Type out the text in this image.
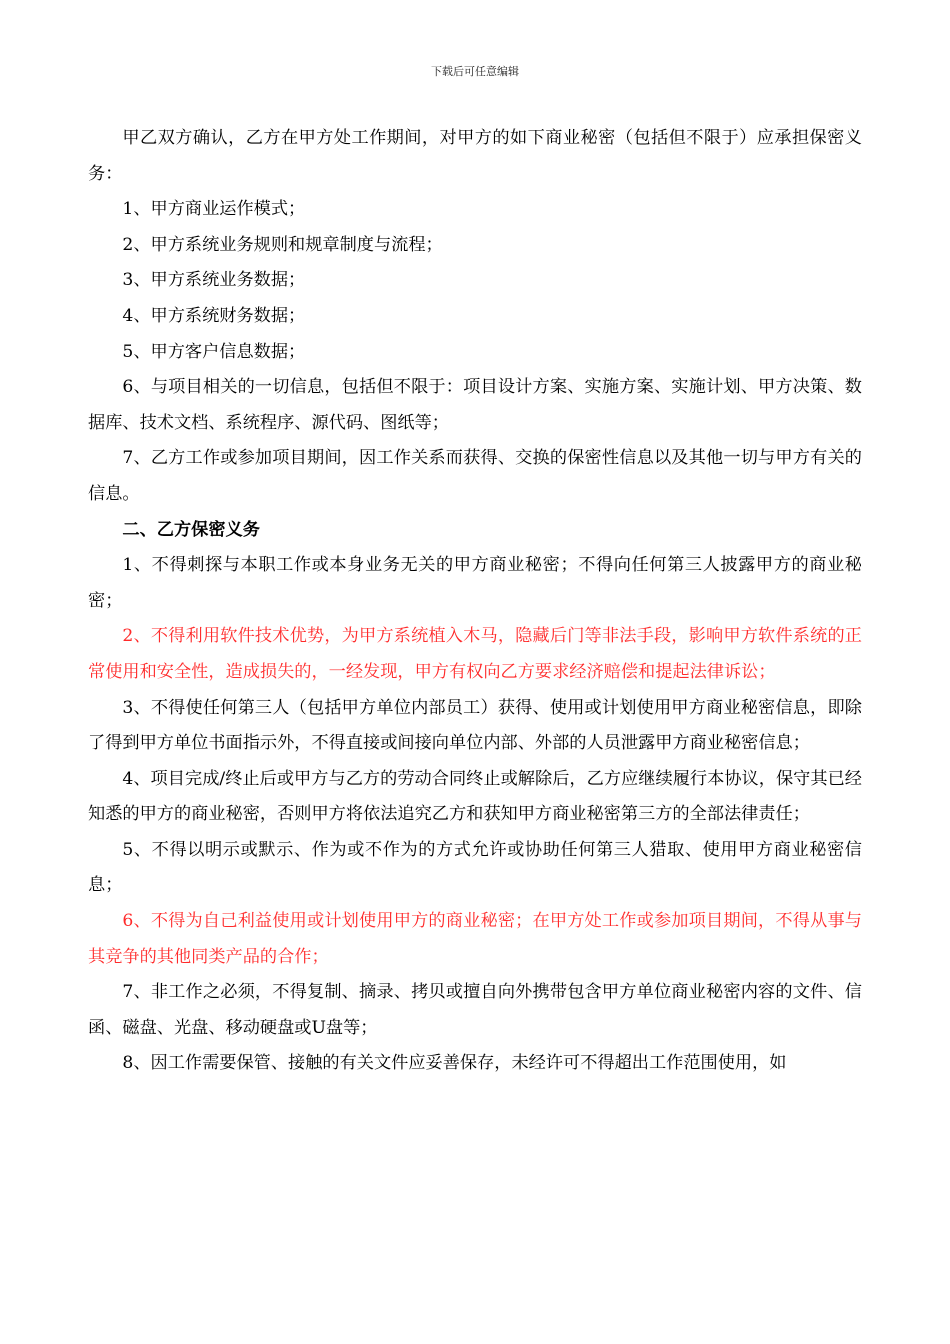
下载后可任意编辑

甲乙双方确认，乙方在甲方处工作期间，对甲方的如下商业秘密（包括但不限于）应承担保密义务：

1、甲方商业运作模式；

2、甲方系统业务规则和规章制度与流程；

3、甲方系统业务数据；

4、甲方系统财务数据；

5、甲方客户信息数据；

6、与项目相关的一切信息，包括但不限于：项目设计方案、实施方案、实施计划、甲方决策、数据库、技术文档、系统程序、源代码、图纸等；

7、乙方工作或参加项目期间，因工作关系而获得、交换的保密性信息以及其他一切与甲方有关的信息。

二、乙方保密义务

1、不得刺探与本职工作或本身业务无关的甲方商业秘密；不得向任何第三人披露甲方的商业秘密；

2、不得利用软件技术优势，为甲方系统植入木马，隐藏后门等非法手段，影响甲方软件系统的正常使用和安全性，造成损失的，一经发现，甲方有权向乙方要求经济赔偿和提起法律诉讼；

3、不得使任何第三人（包括甲方单位内部员工）获得、使用或计划使用甲方商业秘密信息，即除了得到甲方单位书面指示外，不得直接或间接向单位内部、外部的人员泄露甲方商业秘密信息；

4、项目完成/终止后或甲方与乙方的劳动合同终止或解除后，乙方应继续履行本协议，保守其已经知悉的甲方的商业秘密，否则甲方将依法追究乙方和获知甲方商业秘密第三方的全部法律责任；

5、不得以明示或默示、作为或不作为的方式允许或协助任何第三人猎取、使用甲方商业秘密信息；

6、不得为自己利益使用或计划使用甲方的商业秘密；在甲方处工作或参加项目期间，不得从事与其竞争的其他同类产品的合作；

7、非工作之必须，不得复制、摘录、拷贝或擅自向外携带包含甲方单位商业秘密内容的文件、信函、磁盘、光盘、移动硬盘或U盘等；

8、因工作需要保管、接触的有关文件应妥善保存，未经许可不得超出工作范围使用，如
